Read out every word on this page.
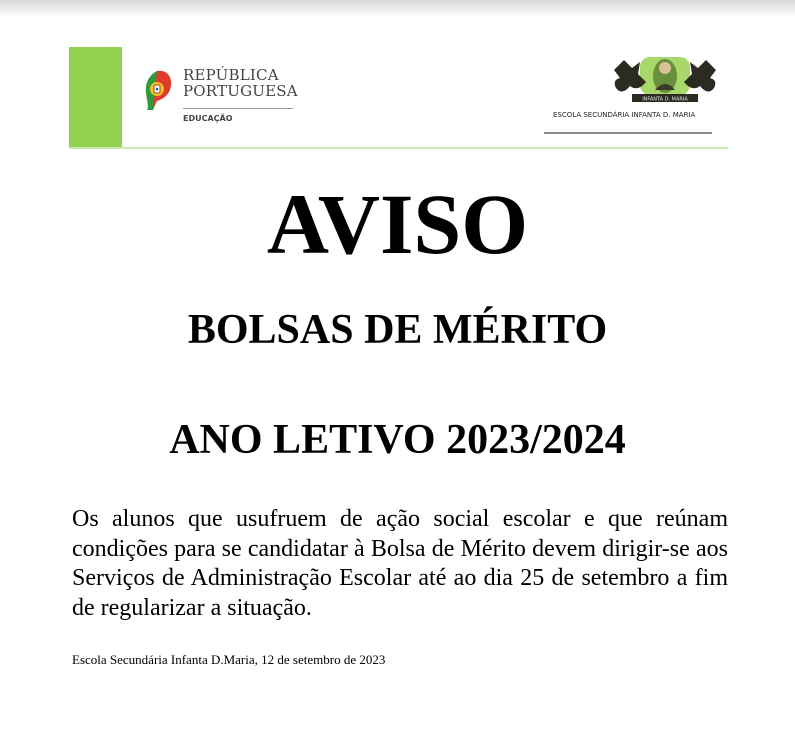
REPÚBLICA
PORTUGUESA
EDUCAÇÃO
INFANTA D. MARIA
ESCOLA SECUNDÁRIA INFANTA D. MARIA
AVISO
BOLSAS DE MÉRITO
ANO LETIVO 2023/2024
Os alunos que usufruem de ação social escolar e que reúnam condições para se candidatar à Bolsa de Mérito devem dirigir-se aos Serviços de Administração Escolar até ao dia 25 de setembro a fim de regularizar a situação.
Escola Secundária Infanta D.Maria, 12 de setembro de 2023
